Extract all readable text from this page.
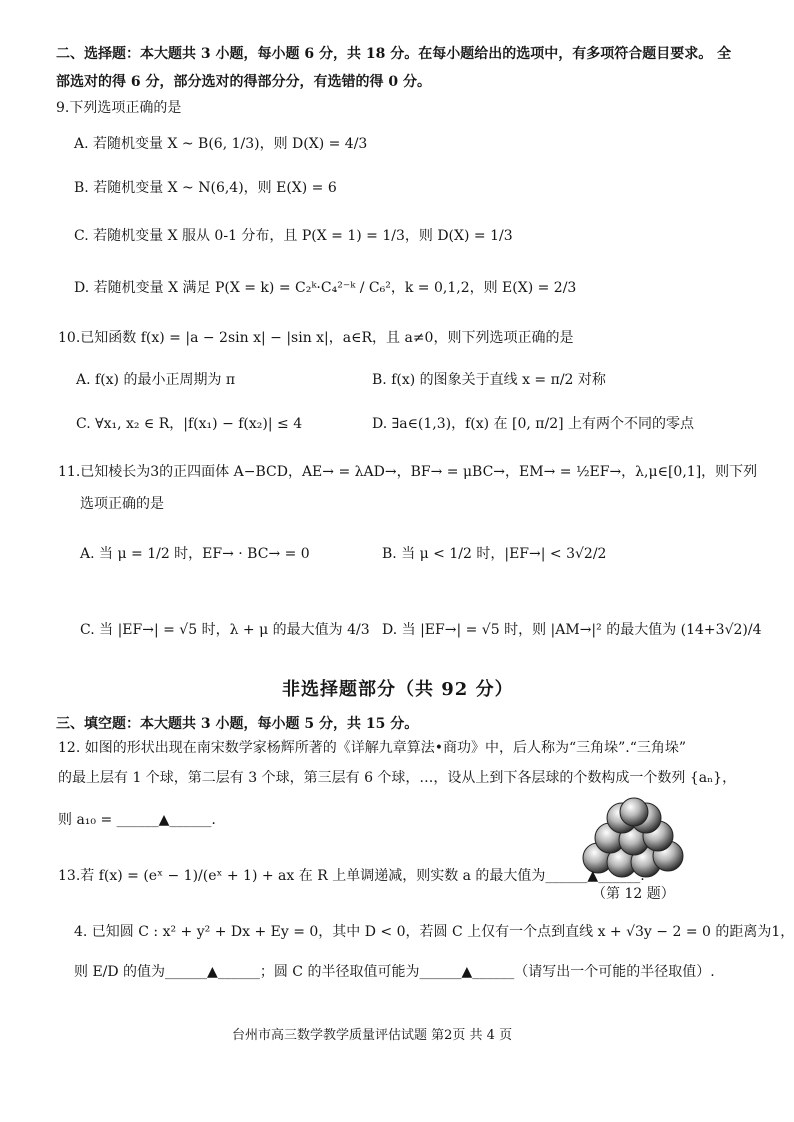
二、选择题：本大题共 3 小题，每小题 6 分，共 18 分。在每小题给出的选项中，有多项符合题目要求。 全
部选对的得 6 分，部分选对的得部分分，有选错的得 0 分。
9.下列选项正确的是
A. 若随机变量 X ~ B(6, 1/3)，则 D(X) = 4/3
B. 若随机变量 X ~ N(6,4)，则 E(X) = 6
C. 若随机变量 X 服从 0-1 分布，且 P(X = 1) = 1/3，则 D(X) = 1/3
D. 若随机变量 X 满足 P(X = k) = C₂ᵏ·C₄²⁻ᵏ / C₆²，k = 0,1,2，则 E(X) = 2/3
10.已知函数 f(x) = |a − 2sin x| − |sin x|，a∈R，且 a≠0，则下列选项正确的是
A. f(x) 的最小正周期为 π	B. f(x) 的图象关于直线 x = π/2 对称
C. ∀x₁, x₂ ∈ R，|f(x₁) − f(x₂)| ≤ 4	D. ∃a∈(1,3)，f(x) 在 [0, π/2] 上有两个不同的零点
11.已知棱长为3的正四面体 A−BCD，AE→ = λAD→，BF→ = μBC→，EM→ = ½EF→，λ,μ∈[0,1]，则下列
选项正确的是
A. 当 μ = 1/2 时，EF→ · BC→ = 0	B. 当 μ < 1/2 时，|EF→| < 3√2/2
C. 当 |EF→| = √5 时，λ + μ 的最大值为 4/3 D. 当 |EF→| = √5 时，则 |AM→|² 的最大值为 (14+3√2)/4
非选择题部分（共 92 分）
三、填空题：本大题共 3 小题，每小题 5 分，共 15 分。
12. 如图的形状出现在南宋数学家杨辉所著的《详解九章算法•商功》中，后人称为“三角垛”.“三角垛”
的最上层有 1 个球，第二层有 3 个球，第三层有 6 个球，…，设从上到下各层球的个数构成一个数列 {aₙ}，
则 a₁₀ = ______▲______.
（第 12 题）
13.若 f(x) = (eˣ − 1)/(eˣ + 1) + ax 在 R 上单调递减，则实数 a 的最大值为______▲______.
4. 已知圆 C : x² + y² + Dx + Ey = 0，其中 D < 0，若圆 C 上仅有一个点到直线 x + √3y − 2 = 0 的距离为1，
则 E/D 的值为______▲______；圆 C 的半径取值可能为______▲______（请写出一个可能的半径取值）.
台州市高三数学教学质量评估试题 第2页 共 4 页
